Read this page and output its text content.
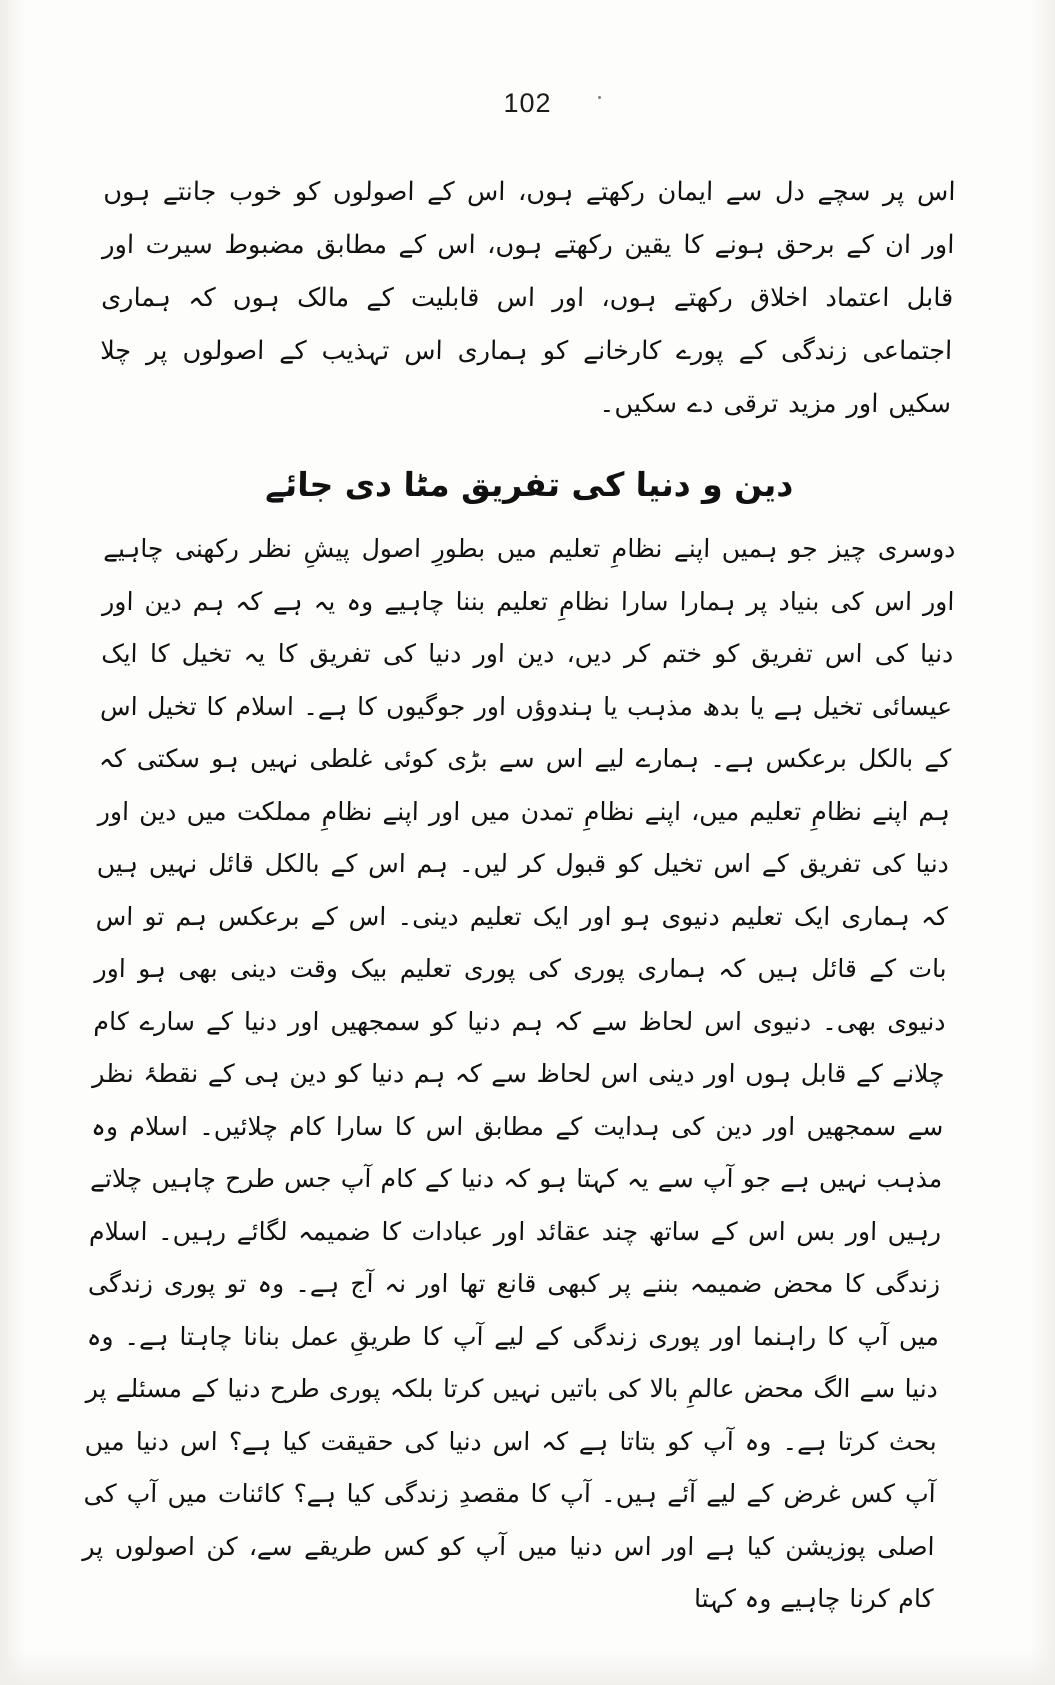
102

اس پر سچے دل سے ایمان رکھتے ہوں، اس کے اصولوں کو خوب جانتے ہوں اور ان کے برحق ہونے کا یقین رکھتے ہوں، اس کے مطابق مضبوط سیرت اور قابل اعتماد اخلاق رکھتے ہوں، اور اس قابلیت کے مالک ہوں کہ ہماری اجتماعی زندگی کے پورے کارخانے کو ہماری اس تہذیب کے اصولوں پر چلا سکیں اور مزید ترقی دے سکیں۔

دین و دنیا کی تفریق مٹا دی جائے

دوسری چیز جو ہمیں اپنے نظامِ تعلیم میں بطورِ اصول پیشِ نظر رکھنی چاہیے اور اس کی بنیاد پر ہمارا سارا نظامِ تعلیم بننا چاہیے وہ یہ ہے کہ ہم دین اور دنیا کی اس تفریق کو ختم کر دیں، دین اور دنیا کی تفریق کا یہ تخیل کا ایک عیسائی تخیل ہے یا بدھ مذہب یا ہندوؤں اور جوگیوں کا ہے۔ اسلام کا تخیل اس کے بالکل برعکس ہے۔ ہمارے لیے اس سے بڑی کوئی غلطی نہیں ہو سکتی کہ ہم اپنے نظامِ تعلیم میں، اپنے نظامِ تمدن میں اور اپنے نظامِ مملکت میں دین اور دنیا کی تفریق کے اس تخیل کو قبول کر لیں۔ ہم اس کے بالکل قائل نہیں ہیں کہ ہماری ایک تعلیم دنیوی ہو اور ایک تعلیم دینی۔ اس کے برعکس ہم تو اس بات کے قائل ہیں کہ ہماری پوری کی پوری تعلیم بیک وقت دینی بھی ہو اور دنیوی بھی۔ دنیوی اس لحاظ سے کہ ہم دنیا کو سمجھیں اور دنیا کے سارے کام چلانے کے قابل ہوں اور دینی اس لحاظ سے کہ ہم دنیا کو دین ہی کے نقطۂ نظر سے سمجھیں اور دین کی ہدایت کے مطابق اس کا سارا کام چلائیں۔ اسلام وہ مذہب نہیں ہے جو آپ سے یہ کہتا ہو کہ دنیا کے کام آپ جس طرح چاہیں چلاتے رہیں اور بس اس کے ساتھ چند عقائد اور عبادات کا ضمیمہ لگائے رہیں۔ اسلام زندگی کا محض ضمیمہ بننے پر کبھی قانع تھا اور نہ آج ہے۔ وہ تو پوری زندگی میں آپ کا راہنما اور پوری زندگی کے لیے آپ کا طریقِ عمل بنانا چاہتا ہے۔ وہ دنیا سے الگ محض عالمِ بالا کی باتیں نہیں کرتا بلکہ پوری طرح دنیا کے مسئلے پر بحث کرتا ہے۔ وہ آپ کو بتاتا ہے کہ اس دنیا کی حقیقت کیا ہے؟ اس دنیا میں آپ کس غرض کے لیے آئے ہیں۔ آپ کا مقصدِ زندگی کیا ہے؟ کائنات میں آپ کی اصلی پوزیشن کیا ہے اور اس دنیا میں آپ کو کس طریقے سے، کن اصولوں پر کام کرنا چاہیے وہ کہتا
